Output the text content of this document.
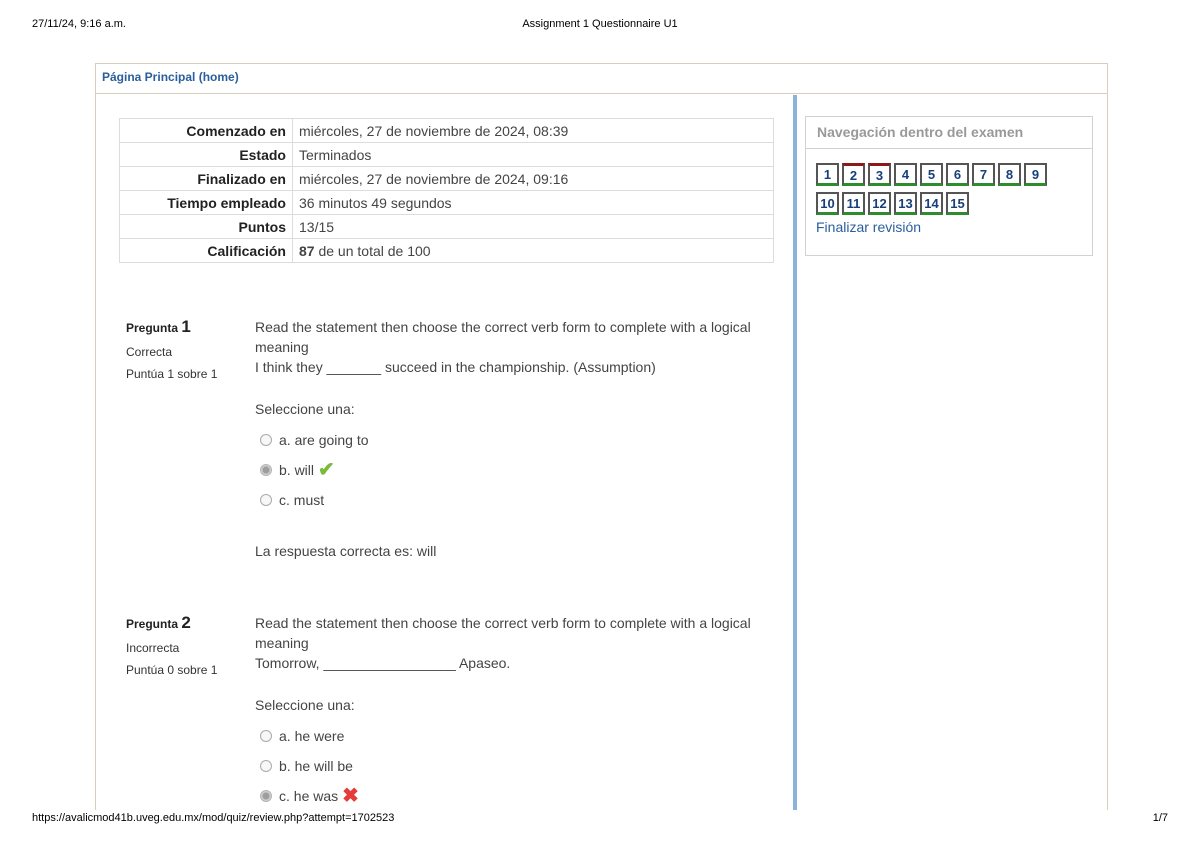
27/11/24, 9:16 a.m.	Assignment 1 Questionnaire U1
Página Principal (home)
Comenzado en	miércoles, 27 de noviembre de 2024, 08:39
Estado	Terminados
Finalizado en	miércoles, 27 de noviembre de 2024, 09:16
Tiempo empleado	36 minutos 49 segundos
Puntos	13/15
Calificación	87 de un total de 100
Pregunta 1
Correcta
Puntúa 1 sobre 1
Read the statement then choose the correct verb form to complete with a logical meaning
I think they _______ succeed in the championship. (Assumption)
Seleccione una:
a. are going to
b. will ✔
c. must
La respuesta correcta es: will
Pregunta 2
Incorrecta
Puntúa 0 sobre 1
Read the statement then choose the correct verb form to complete with a logical meaning
Tomorrow, _________________ Apaseo.
Seleccione una:
a. he were
b. he will be
c. he was ✖
Navegación dentro del examen
1	2	3	4	5	6	7	8	9
10 11 12 13 14 15
Finalizar revisión
https://avalicmod41b.uveg.edu.mx/mod/quiz/review.php?attempt=1702523	1/7
